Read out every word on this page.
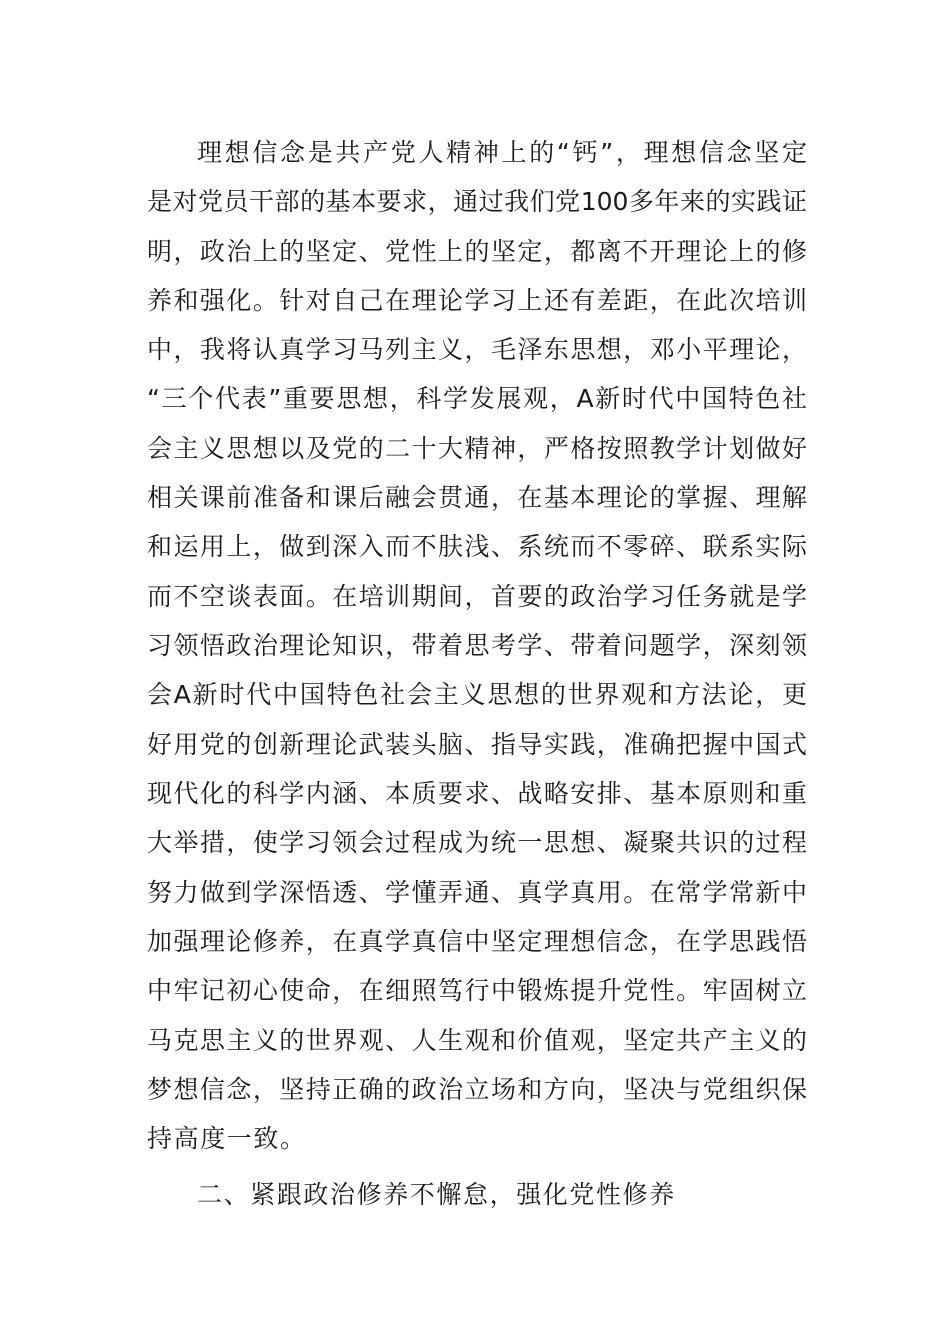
理想信念是共产党人精神上的“钙”，理想信念坚定
是对党员干部的基本要求，通过我们党100多年来的实践证
明，政治上的坚定、党性上的坚定，都离不开理论上的修
养和强化。针对自己在理论学习上还有差距，在此次培训
中，我将认真学习马列主义，毛泽东思想，邓小平理论，
“三个代表”重要思想，科学发展观，A新时代中国特色社
会主义思想以及党的二十大精神，严格按照教学计划做好
相关课前准备和课后融会贯通，在基本理论的掌握、理解
和运用上，做到深入而不肤浅、系统而不零碎、联系实际
而不空谈表面。在培训期间，首要的政治学习任务就是学
习领悟政治理论知识，带着思考学、带着问题学，深刻领
会A新时代中国特色社会主义思想的世界观和方法论，更
好用党的创新理论武装头脑、指导实践，准确把握中国式
现代化的科学内涵、本质要求、战略安排、基本原则和重
大举措，使学习领会过程成为统一思想、凝聚共识的过程
努力做到学深悟透、学懂弄通、真学真用。在常学常新中
加强理论修养，在真学真信中坚定理想信念，在学思践悟
中牢记初心使命，在细照笃行中锻炼提升党性。牢固树立
马克思主义的世界观、人生观和价值观，坚定共产主义的
梦想信念，坚持正确的政治立场和方向，坚决与党组织保
持高度一致。
二、紧跟政治修养不懈怠，强化党性修养
